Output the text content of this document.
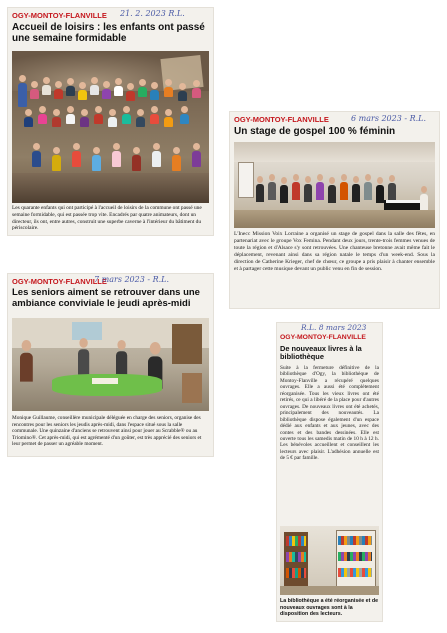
OGY-MONTOY-FLANVILLE 21. 2. 2023 R.L.
Accueil de loisirs : les enfants ont passé une semaine formidable
Les quarante enfants qui ont participé à l'accueil de loisirs de la commune ont passé une semaine formidable, qui est passée trop vite. Encadrés par quatre animateurs, dont un directeur, ils ont, entre autres, construit une superbe caverne à l'intérieur du bâtiment du périscolaire.
OGY-MONTOY-FLANVILLE	6 mars 2023 - R.L.
Un stage de gospel 100 % féminin
L'Inecc Mission Voix Lorraine a organisé un stage de gospel dans la salle des fêtes, en partenariat avec le groupe Vox Femina. Pendant deux jours, trente-trois femmes venues de toute la région et d'Alsace s'y sont retrouvées. Une chanteuse bretonne avait même fait le déplacement, revenant ainsi dans sa région natale le temps d'un week-end. Sous la direction de Catherine Krieger, chef de chœur, ce groupe a pris plaisir à chanter ensemble et à partager cette musique devant un public venu en fin de session.
OGY-MONTOY-FLANVILLE
7 mars 2023 - R.L.
Les seniors aiment se retrouver dans une ambiance conviviale le jeudi après-midi
Monique Guillaume, conseillère municipale déléguée en charge des seniors, organise des rencontres pour les seniors les jeudis après-midi, dans l'espace situé sous la salle communale. Une quinzaine d'anciens se retrouvent ainsi pour jouer au Scrabble® ou au Triomino®. Cet après-midi, qui est agrémenté d'un goûter, est très apprécié des seniors et leur permet de passer un agréable moment.
R.L. 8 mars 2023
OGY-MONTOY-FLANVILLE
De nouveaux livres à la bibliothèque
Suite à la fermeture définitive de la bibliothèque d'Ogy, la bibliothèque de Montoy-Flanville a récupéré quelques ouvrages. Elle a aussi été complètement réorganisée. Tous les vieux livres ont été retirés, ce qui a libéré de la place pour d'autres ouvrages. De nouveaux livres ont été achetés, principalement des nouveautés. La bibliothèque dispose également d'un espace dédié aux enfants et aux jeunes, avec des contes et des bandes dessinées. Elle est ouverte tous les samedis matin de 10 h à 12 h. Les bénévoles accueillent et conseillent les lecteurs avec plaisir. L'adhésion annuelle est de 5 € par famille.
La bibliothèque a été réorganisée et de nouveaux ouvrages sont à la disposition des lecteurs.
